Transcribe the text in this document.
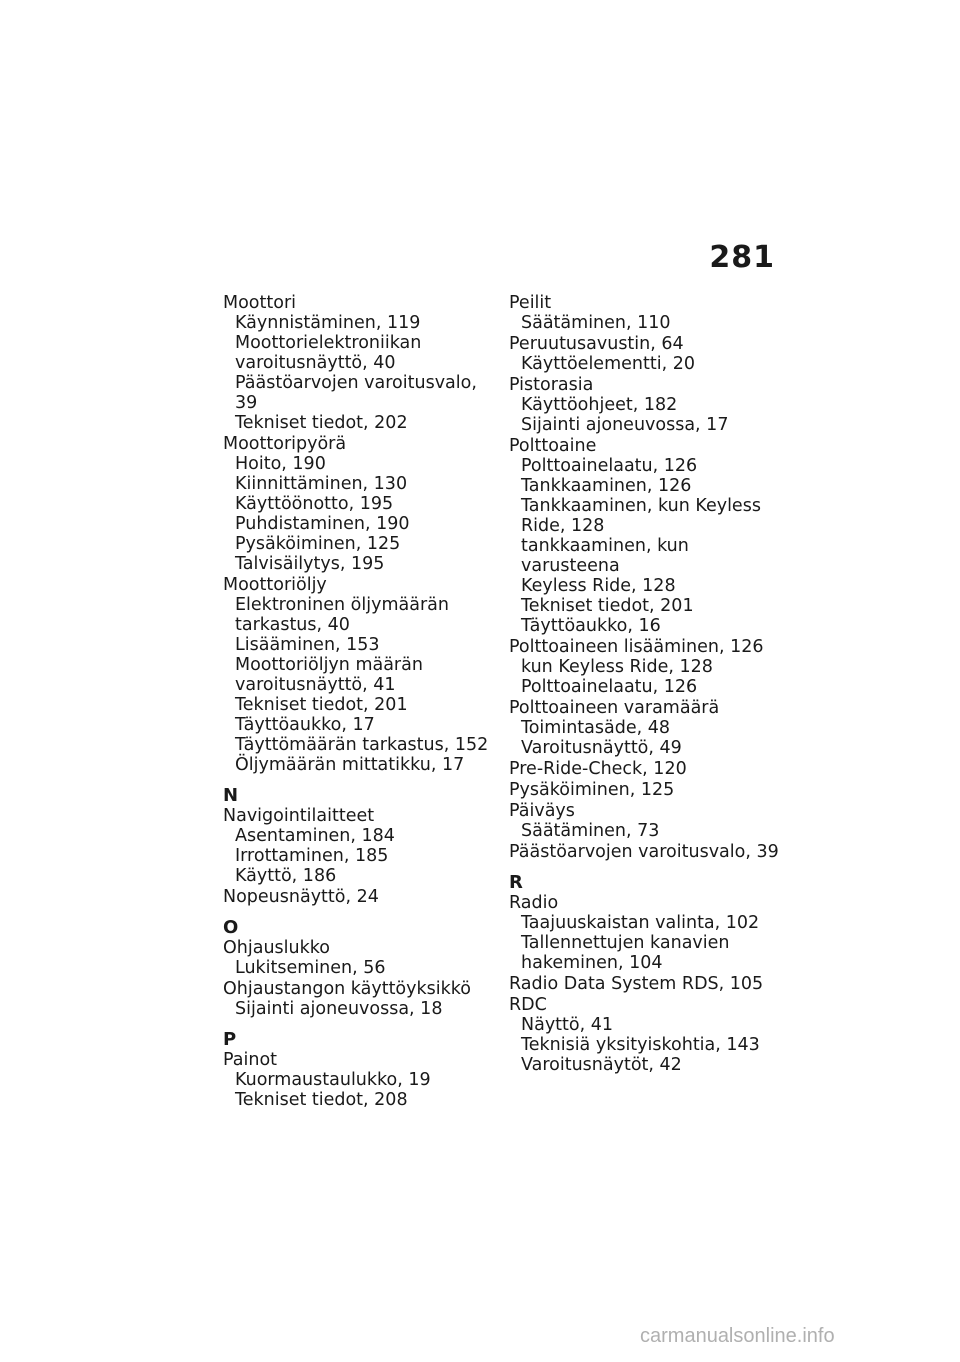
281
Moottori
Käynnistäminen, 119
Moottorielektroniikan
varoitusnäyttö, 40
Päästöarvojen varoitusvalo, 39
Tekniset tiedot, 202
Moottoripyörä
Hoito, 190
Kiinnittäminen, 130
Käyttöönotto, 195
Puhdistaminen, 190
Pysäköiminen, 125
Talvisäilytys, 195
Moottoriöljy
Elektroninen öljymäärän
tarkastus, 40
Lisääminen, 153
Moottoriöljyn määrän
varoitusnäyttö, 41
Tekniset tiedot, 201
Täyttöaukko, 17
Täyttömäärän tarkastus, 152
Öljymäärän mittatikku, 17
N
Navigointilaitteet
Asentaminen, 184
Irrottaminen, 185
Käyttö, 186
Nopeusnäyttö, 24
O
Ohjauslukko
Lukitseminen, 56
Ohjaustangon käyttöyksikkö
Sijainti ajoneuvossa, 18
P
Painot
Kuormaustaulukko, 19
Tekniset tiedot, 208
Peilit
Säätäminen, 110
Peruutusavustin, 64
Käyttöelementti, 20
Pistorasia
Käyttöohjeet, 182
Sijainti ajoneuvossa, 17
Polttoaine
Polttoainelaatu, 126
Tankkaaminen, 126
Tankkaaminen, kun Keyless
Ride, 128
tankkaaminen, kun varusteena
Keyless Ride, 128
Tekniset tiedot, 201
Täyttöaukko, 16
Polttoaineen lisääminen, 126
kun Keyless Ride, 128
Polttoainelaatu, 126
Polttoaineen varamäärä
Toimintasäde, 48
Varoitusnäyttö, 49
Pre-Ride-Check, 120
Pysäköiminen, 125
Päiväys
Säätäminen, 73
Päästöarvojen varoitusvalo, 39
R
Radio
Taajuuskaistan valinta, 102
Tallennettujen kanavien
hakeminen, 104
Radio Data System RDS, 105
RDC
Näyttö, 41
Teknisiä yksityiskohtia, 143
Varoitusnäytöt, 42
carmanualsonline.info
